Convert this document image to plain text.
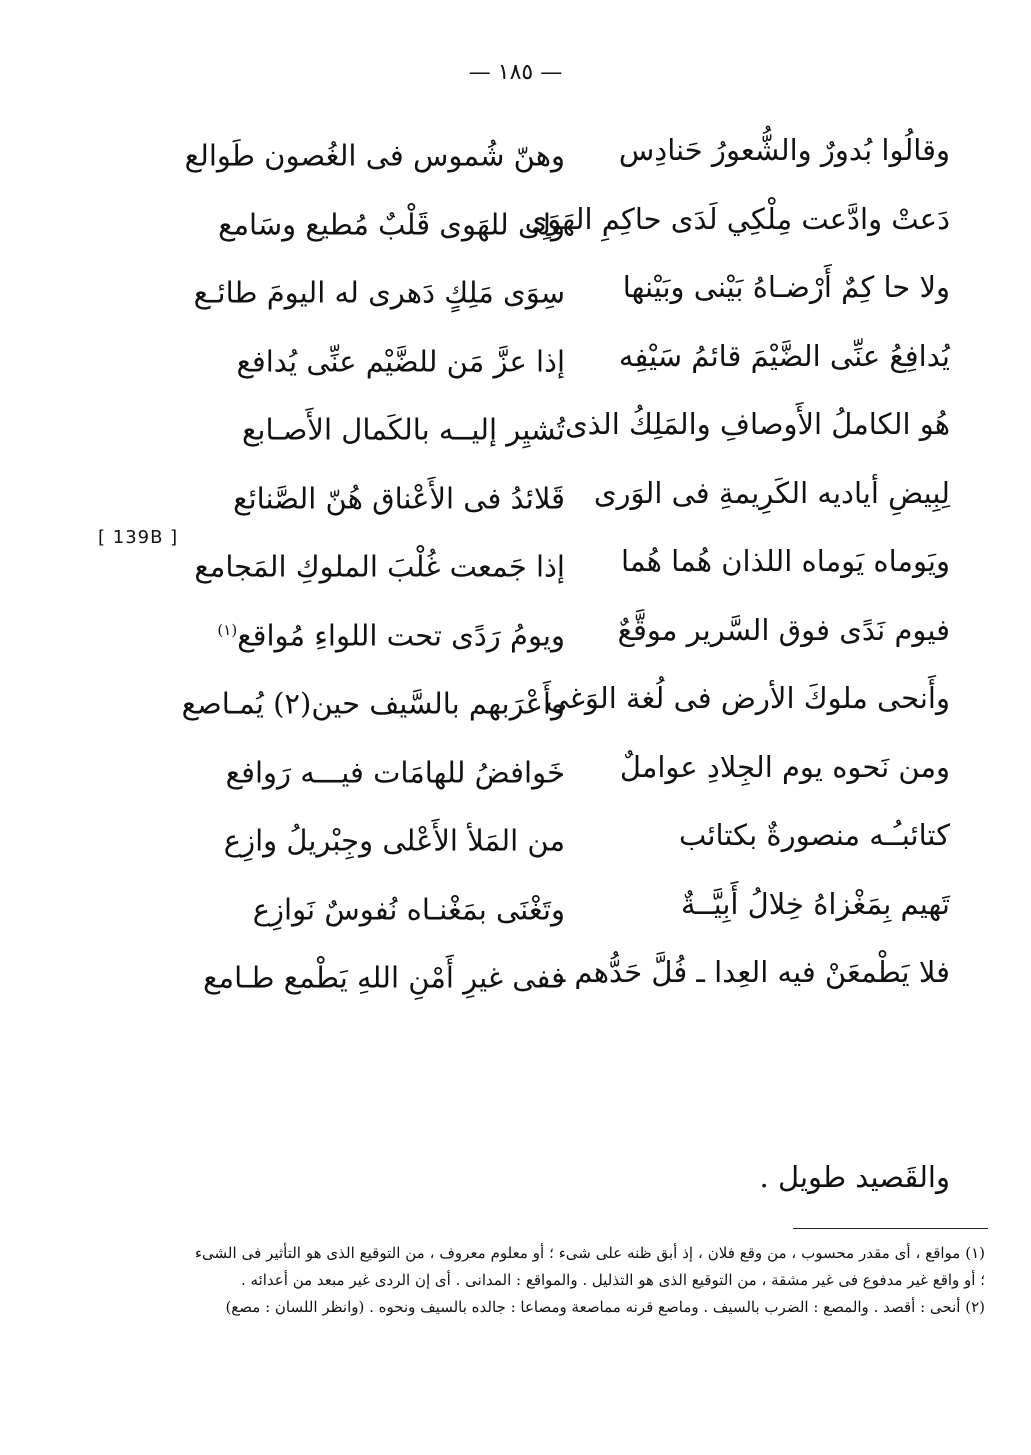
— ١٨٥ —
[ 139B ]
وقالُوا بُدورٌ والشُّعورُ حَنادِس
وهنّ شُموس فى الغُصون طَوالع
دَعتْ وادَّعت مِلْكِي لَدَى حاكِمِ الهَوَى
ولِى للهَوى قَلْبٌ مُطيع وسَامع
ولا حا كِمٌ أَرْضـاهُ بَيْنى وبَيْنها
سِوَى مَلِكٍ دَهرى له اليومَ طائـع
يُدافِعُ عنِّى الضَّيْمَ قائمُ سَيْفِه
إذا عزَّ مَن للضَّيْم عنِّى يُدافع
هُو الكاملُ الأَوصافِ والمَلِكُ الذى
تُشيِر إليــه بالكَمال الأَصـابع
لِبِيضِ أياديه الكَرِيمةِ فى الوَرى
قَلائدُ فى الأَعْناق هُنّ الصَّنائع
ويَوماه يَوماه اللذان هُما هُما
إذا جَمعت غُلْبَ الملوكِ المَجامع
فيوم نَدًى فوق السَّرير موقَّعٌ
ويومُ رَدًى تحت اللواءِ مُواقع$^{(١)}$
وأَنحى ملوكَ الأرض فى لُغة الوَغى
وأَعْرَبهم بالسَّيف حين(٢) يُمـاصع
ومن نَحوه يوم الجِلادِ عواملٌ
خَوافضُ للهامَات فيـــه رَوافع
كتائبـُـه منصورةٌ بكتائب
من المَلأ الأَعْلى وجِبْريلُ وازِع
تَهيم بِمَغْزاهُ خِلالُ أَبِيَّــةٌ
وتَغْنَى بمَغْنـاه نُفوسٌ نَوازِع
فلا يَطْمعَنْ فيه العِدا ـ فُلَّ حَدُّهم ـ
ففى غيرِ أَمْنِ اللهِ يَطْمع طـامع
والقَصيد طويل .

(١) مواقع ، أى مقدر محسوب ، من وقع فلان ، إذ أبق ظنه على شىء ؛ أو معلوم معروف ، من التوقيع الذى هو التأثير فى الشىء ؛ أو واقع غير مدفوع فى غير مشقة ، من التوقيع الذى هو التذليل . والمواقع : المدانى . أى إن الردى غير مبعد من أعدائه .

(٢) أنحى : أقصد . والمصع : الضرب بالسيف . وماصع قرنه مماصعة ومصاعا : جالده بالسيف ونحوه . (وانظر اللسان : مصع)
